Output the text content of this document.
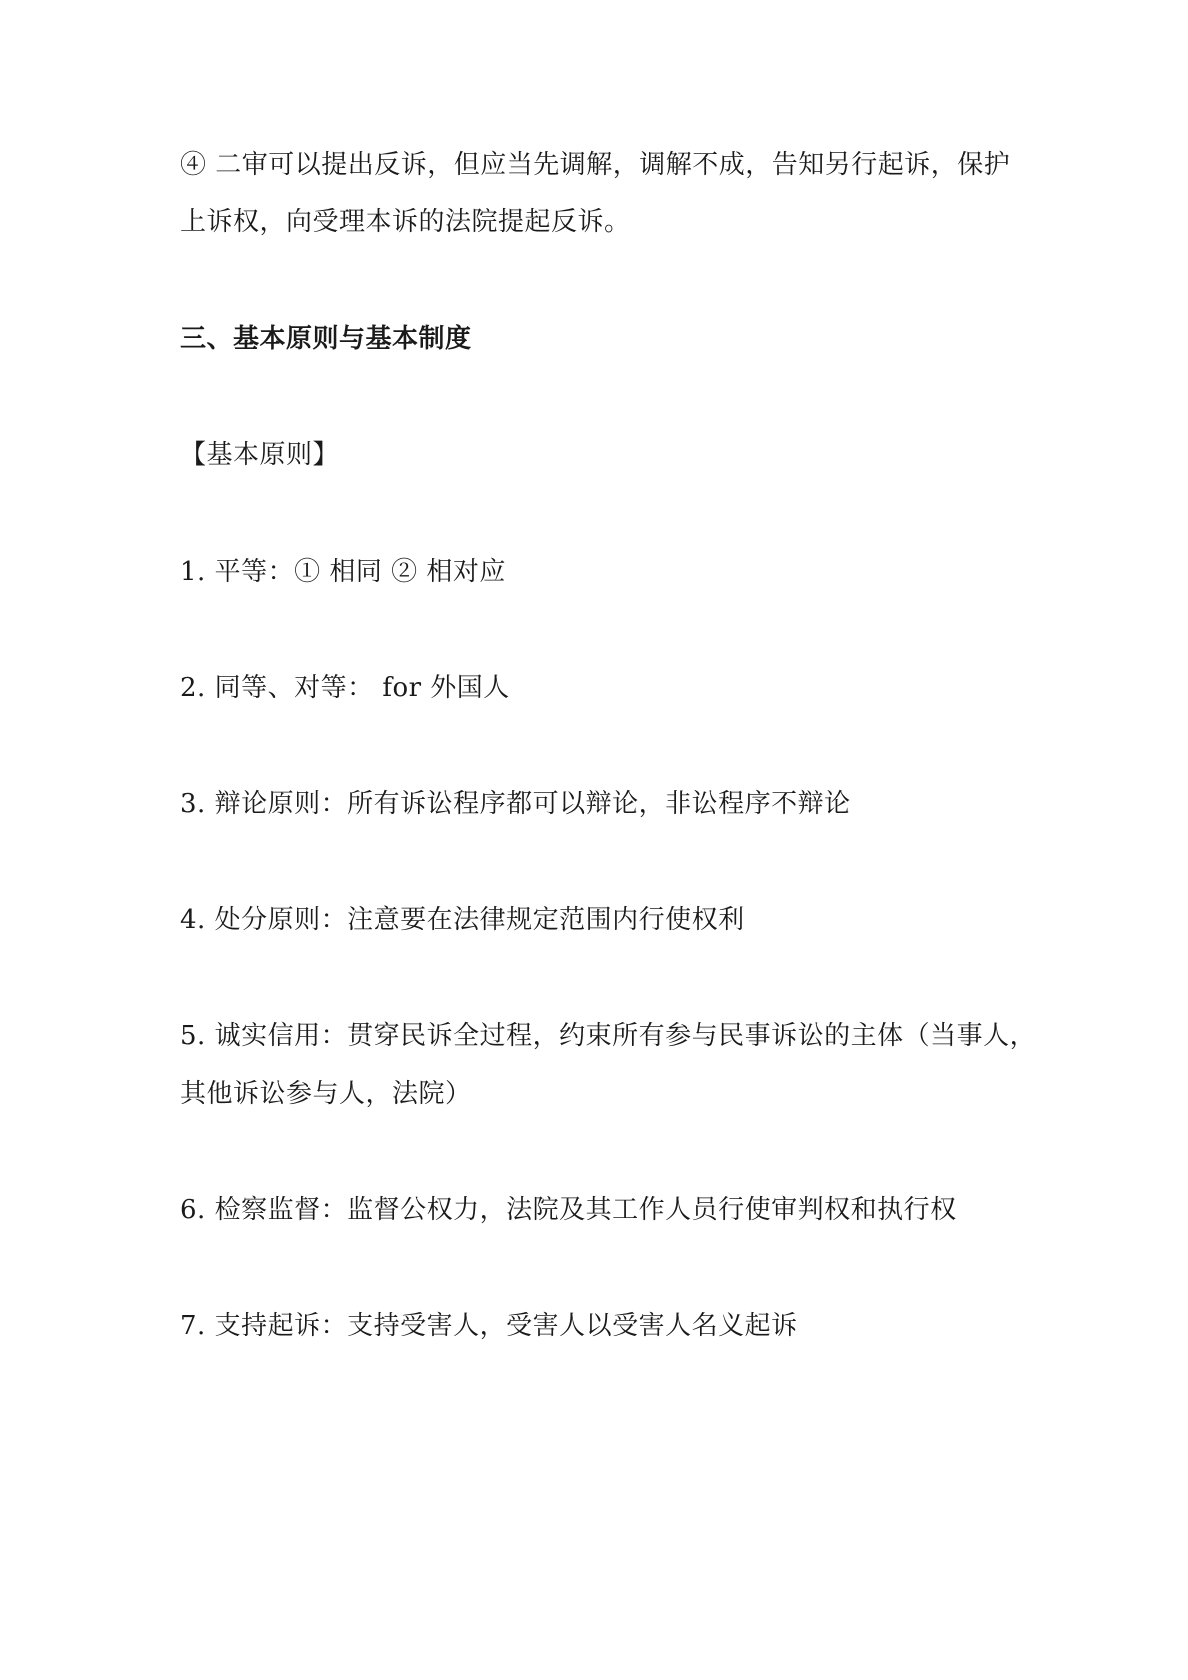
④ 二审可以提出反诉，但应当先调解，调解不成，告知另行起诉，保护
上诉权，向受理本诉的法院提起反诉。
三、基本原则与基本制度
【基本原则】
1. 平等：① 相同 ② 相对应
2. 同等、对等： for 外国人
3. 辩论原则：所有诉讼程序都可以辩论，非讼程序不辩论
4. 处分原则：注意要在法律规定范围内行使权利
5. 诚实信用：贯穿民诉全过程，约束所有参与民事诉讼的主体（当事人，
其他诉讼参与人，法院）
6. 检察监督：监督公权力，法院及其工作人员行使审判权和执行权
7. 支持起诉：支持受害人，受害人以受害人名义起诉
